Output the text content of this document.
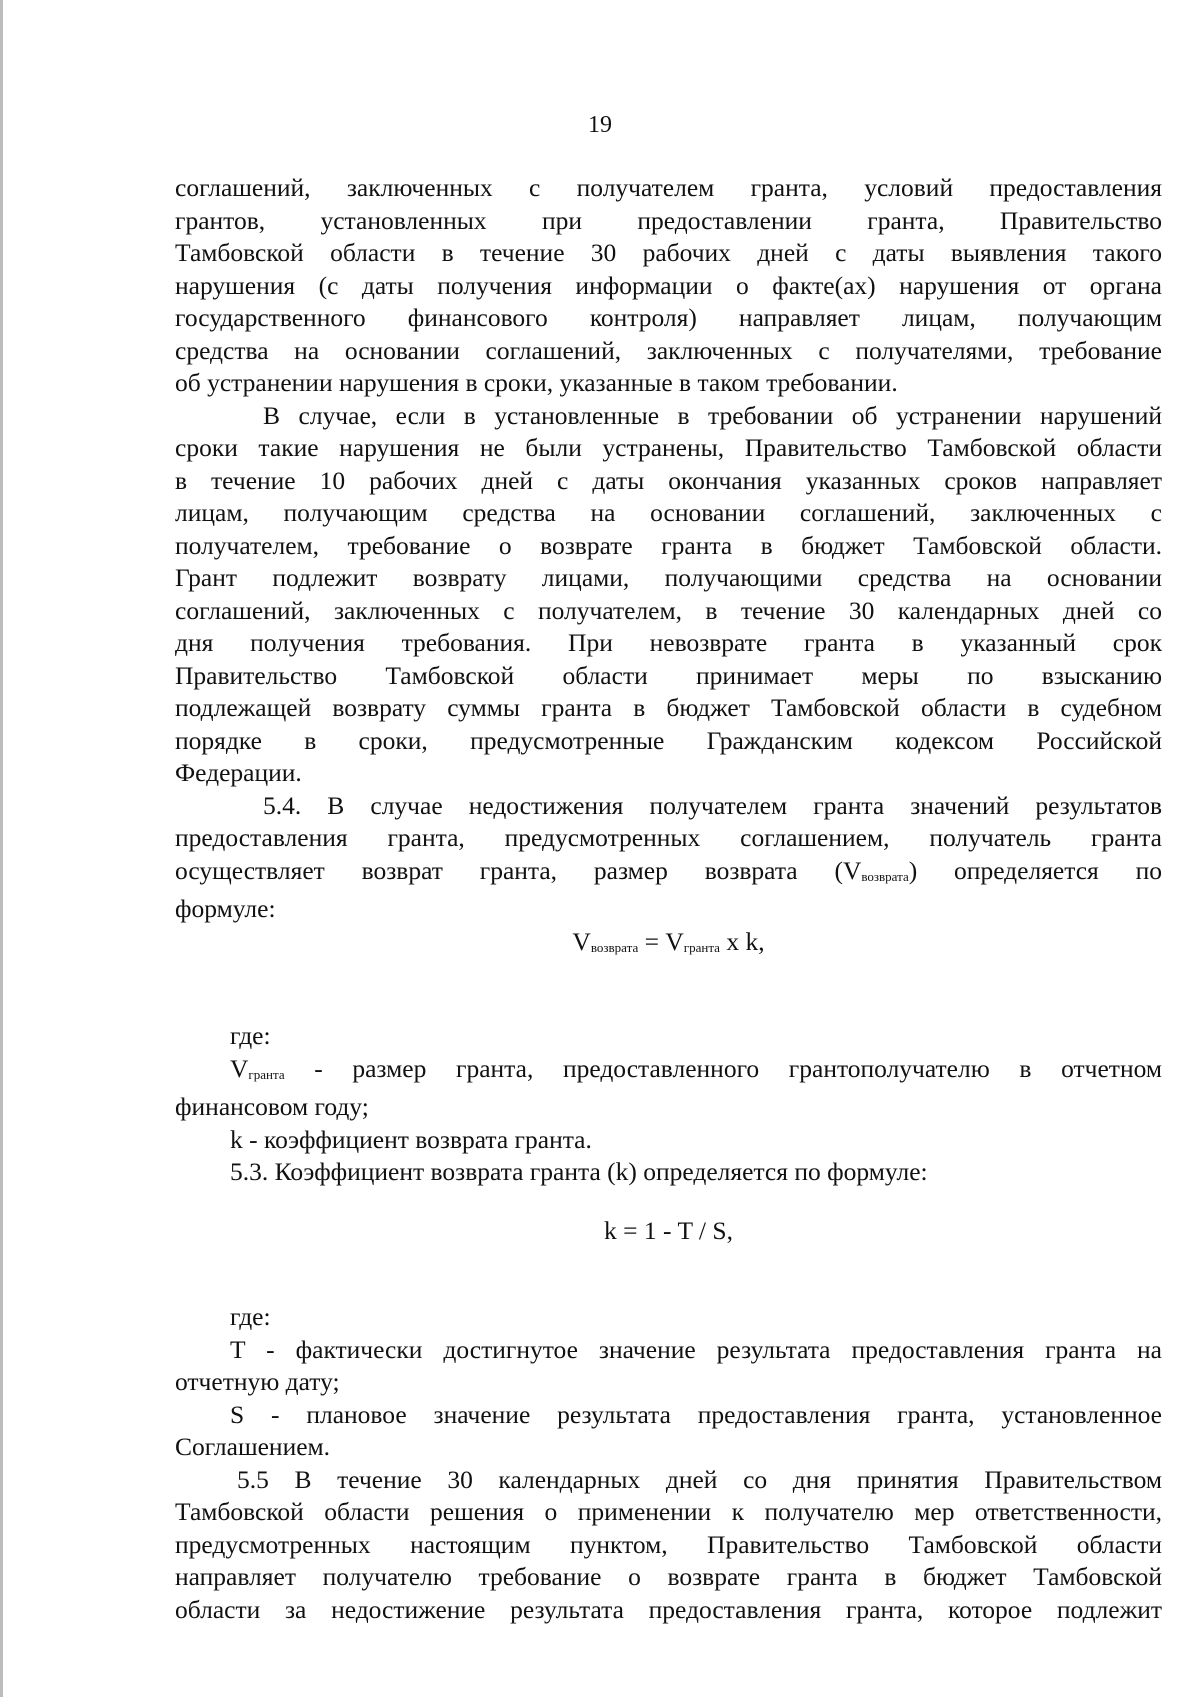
19

соглашений, заключенных с получателем гранта, условий предоставления

грантов, установленных при предоставлении гранта, Правительство

Тамбовской области в течение 30 рабочих дней с даты выявления такого

нарушения (с даты получения информации о факте(ах) нарушения от органа

государственного финансового контроля) направляет лицам, получающим

средства на основании соглашений, заключенных с получателями, требование

об устранении нарушения в сроки, указанные в таком требовании.

В случае, если в установленные в требовании об устранении нарушений

сроки такие нарушения не были устранены, Правительство Тамбовской области

в течение 10 рабочих дней с даты окончания указанных сроков направляет

лицам, получающим средства на основании соглашений, заключенных с

получателем, требование о возврате гранта в бюджет Тамбовской области.

Грант подлежит возврату лицами, получающими средства на основании

соглашений, заключенных с получателем, в течение 30 календарных дней со

дня получения требования. При невозврате гранта в указанный срок

Правительство Тамбовской области принимает меры по взысканию

подлежащей возврату суммы гранта в бюджет Тамбовской области в судебном

порядке в сроки, предусмотренные Гражданским кодексом Российской

Федерации.

5.4. В случае недостижения получателем гранта значений результатов

предоставления гранта, предусмотренных соглашением, получатель гранта

осуществляет возврат гранта, размер возврата $(V_{возврата})$ определяется по

формуле:

$V_{возврата} = V_{гранта}$ x k,

где:

$V_{гранта}$ - размер гранта, предоставленного грантополучателю в отчетном

финансовом году;

k - коэффициент возврата гранта.

5.3. Коэффициент возврата гранта (k) определяется по формуле:

k = 1 - T / S,

где:

T - фактически достигнутое значение результата предоставления гранта на

отчетную дату;

S - плановое значение результата предоставления гранта, установленное

Соглашением.

5.5 В течение 30 календарных дней со дня принятия Правительством

Тамбовской области решения о применении к получателю мер ответственности,

предусмотренных настоящим пунктом, Правительство Тамбовской области

направляет получателю требование о возврате гранта в бюджет Тамбовской

области за недостижение результата предоставления гранта, которое подлежит
